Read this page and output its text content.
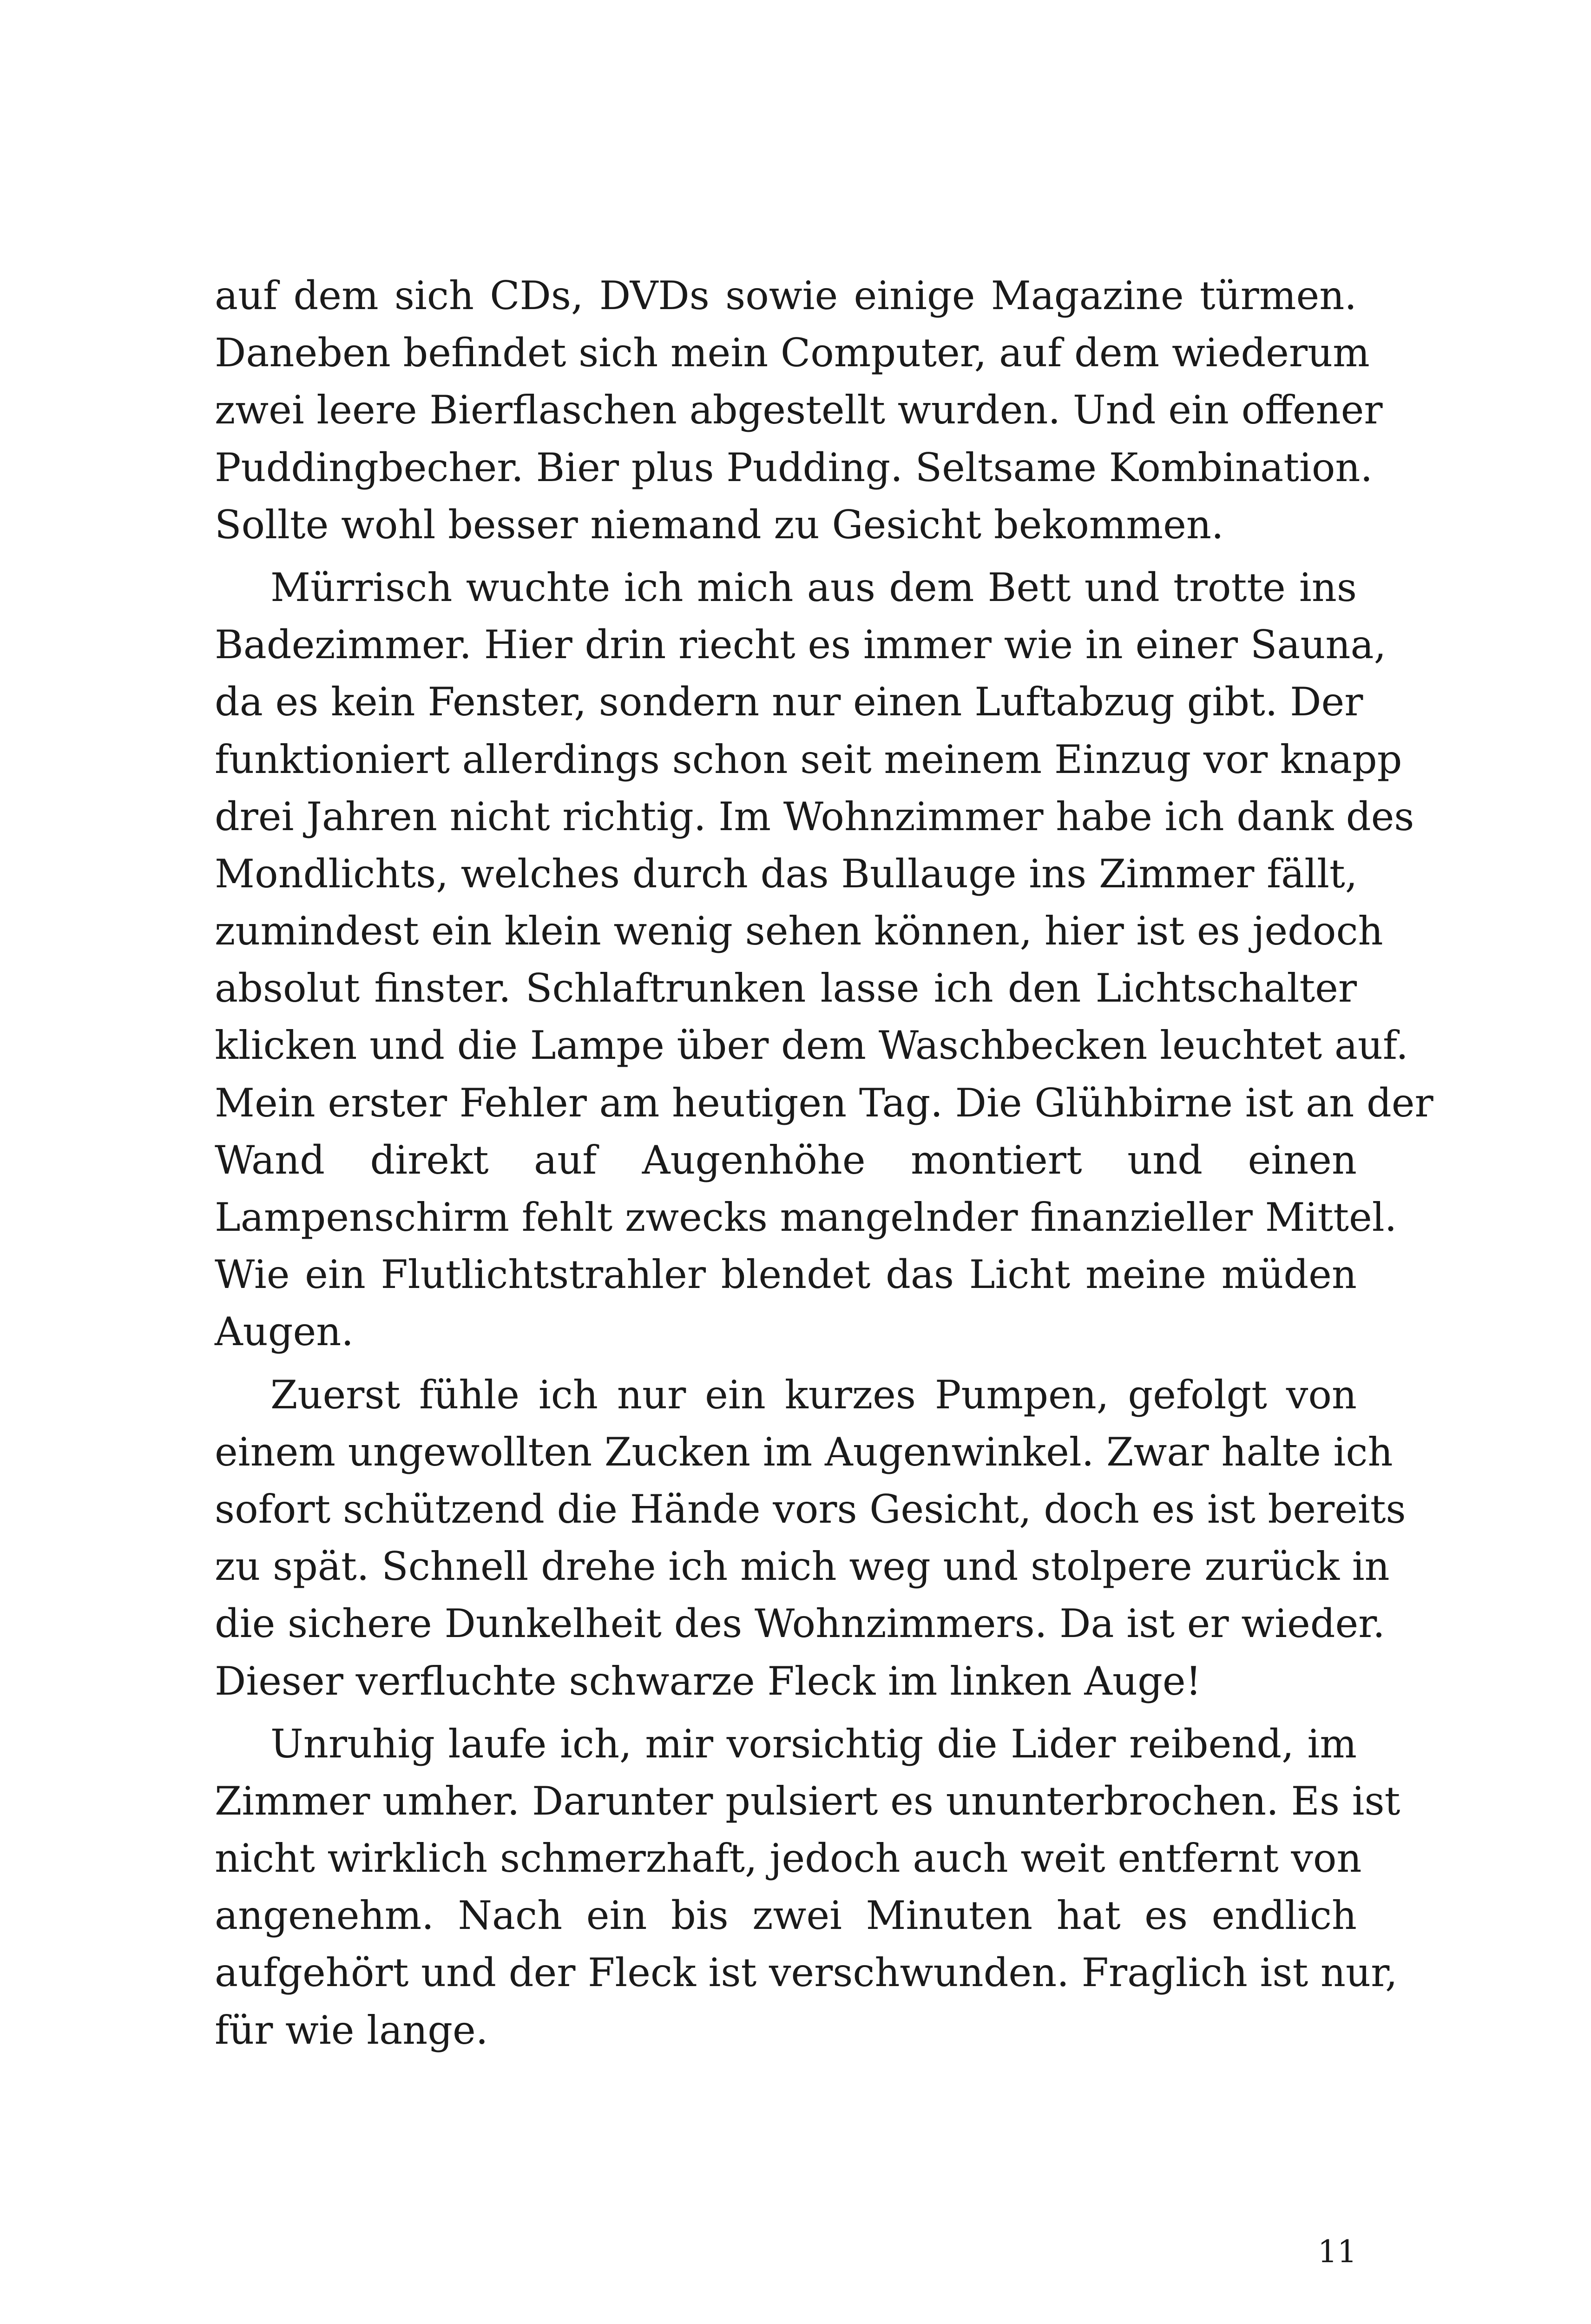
auf dem sich CDs, DVDs sowie einige Magazine türmen.
Daneben befindet sich mein Computer, auf dem wiederum
zwei leere Bierflaschen abgestellt wurden. Und ein offener
Puddingbecher. Bier plus Pudding. Seltsame Kombination.
Sollte wohl besser niemand zu Gesicht bekommen.
Mürrisch wuchte ich mich aus dem Bett und trotte ins
Badezimmer. Hier drin riecht es immer wie in einer Sauna,
da es kein Fenster, sondern nur einen Luftabzug gibt. Der
funktioniert allerdings schon seit meinem Einzug vor knapp
drei Jahren nicht richtig. Im Wohnzimmer habe ich dank des
Mondlichts, welches durch das Bullauge ins Zimmer fällt,
zumindest ein klein wenig sehen können, hier ist es jedoch
absolut finster. Schlaftrunken lasse ich den Lichtschalter
klicken und die Lampe über dem Waschbecken leuchtet auf.
Mein erster Fehler am heutigen Tag. Die Glühbirne ist an der
Wand direkt auf Augenhöhe montiert und einen
Lampenschirm fehlt zwecks mangelnder finanzieller Mittel.
Wie ein Flutlichtstrahler blendet das Licht meine müden
Augen.
Zuerst fühle ich nur ein kurzes Pumpen, gefolgt von
einem ungewollten Zucken im Augenwinkel. Zwar halte ich
sofort schützend die Hände vors Gesicht, doch es ist bereits
zu spät. Schnell drehe ich mich weg und stolpere zurück in
die sichere Dunkelheit des Wohnzimmers. Da ist er wieder.
Dieser verfluchte schwarze Fleck im linken Auge!
Unruhig laufe ich, mir vorsichtig die Lider reibend, im
Zimmer umher. Darunter pulsiert es ununterbrochen. Es ist
nicht wirklich schmerzhaft, jedoch auch weit entfernt von
angenehm. Nach ein bis zwei Minuten hat es endlich
aufgehört und der Fleck ist verschwunden. Fraglich ist nur,
für wie lange.
11
